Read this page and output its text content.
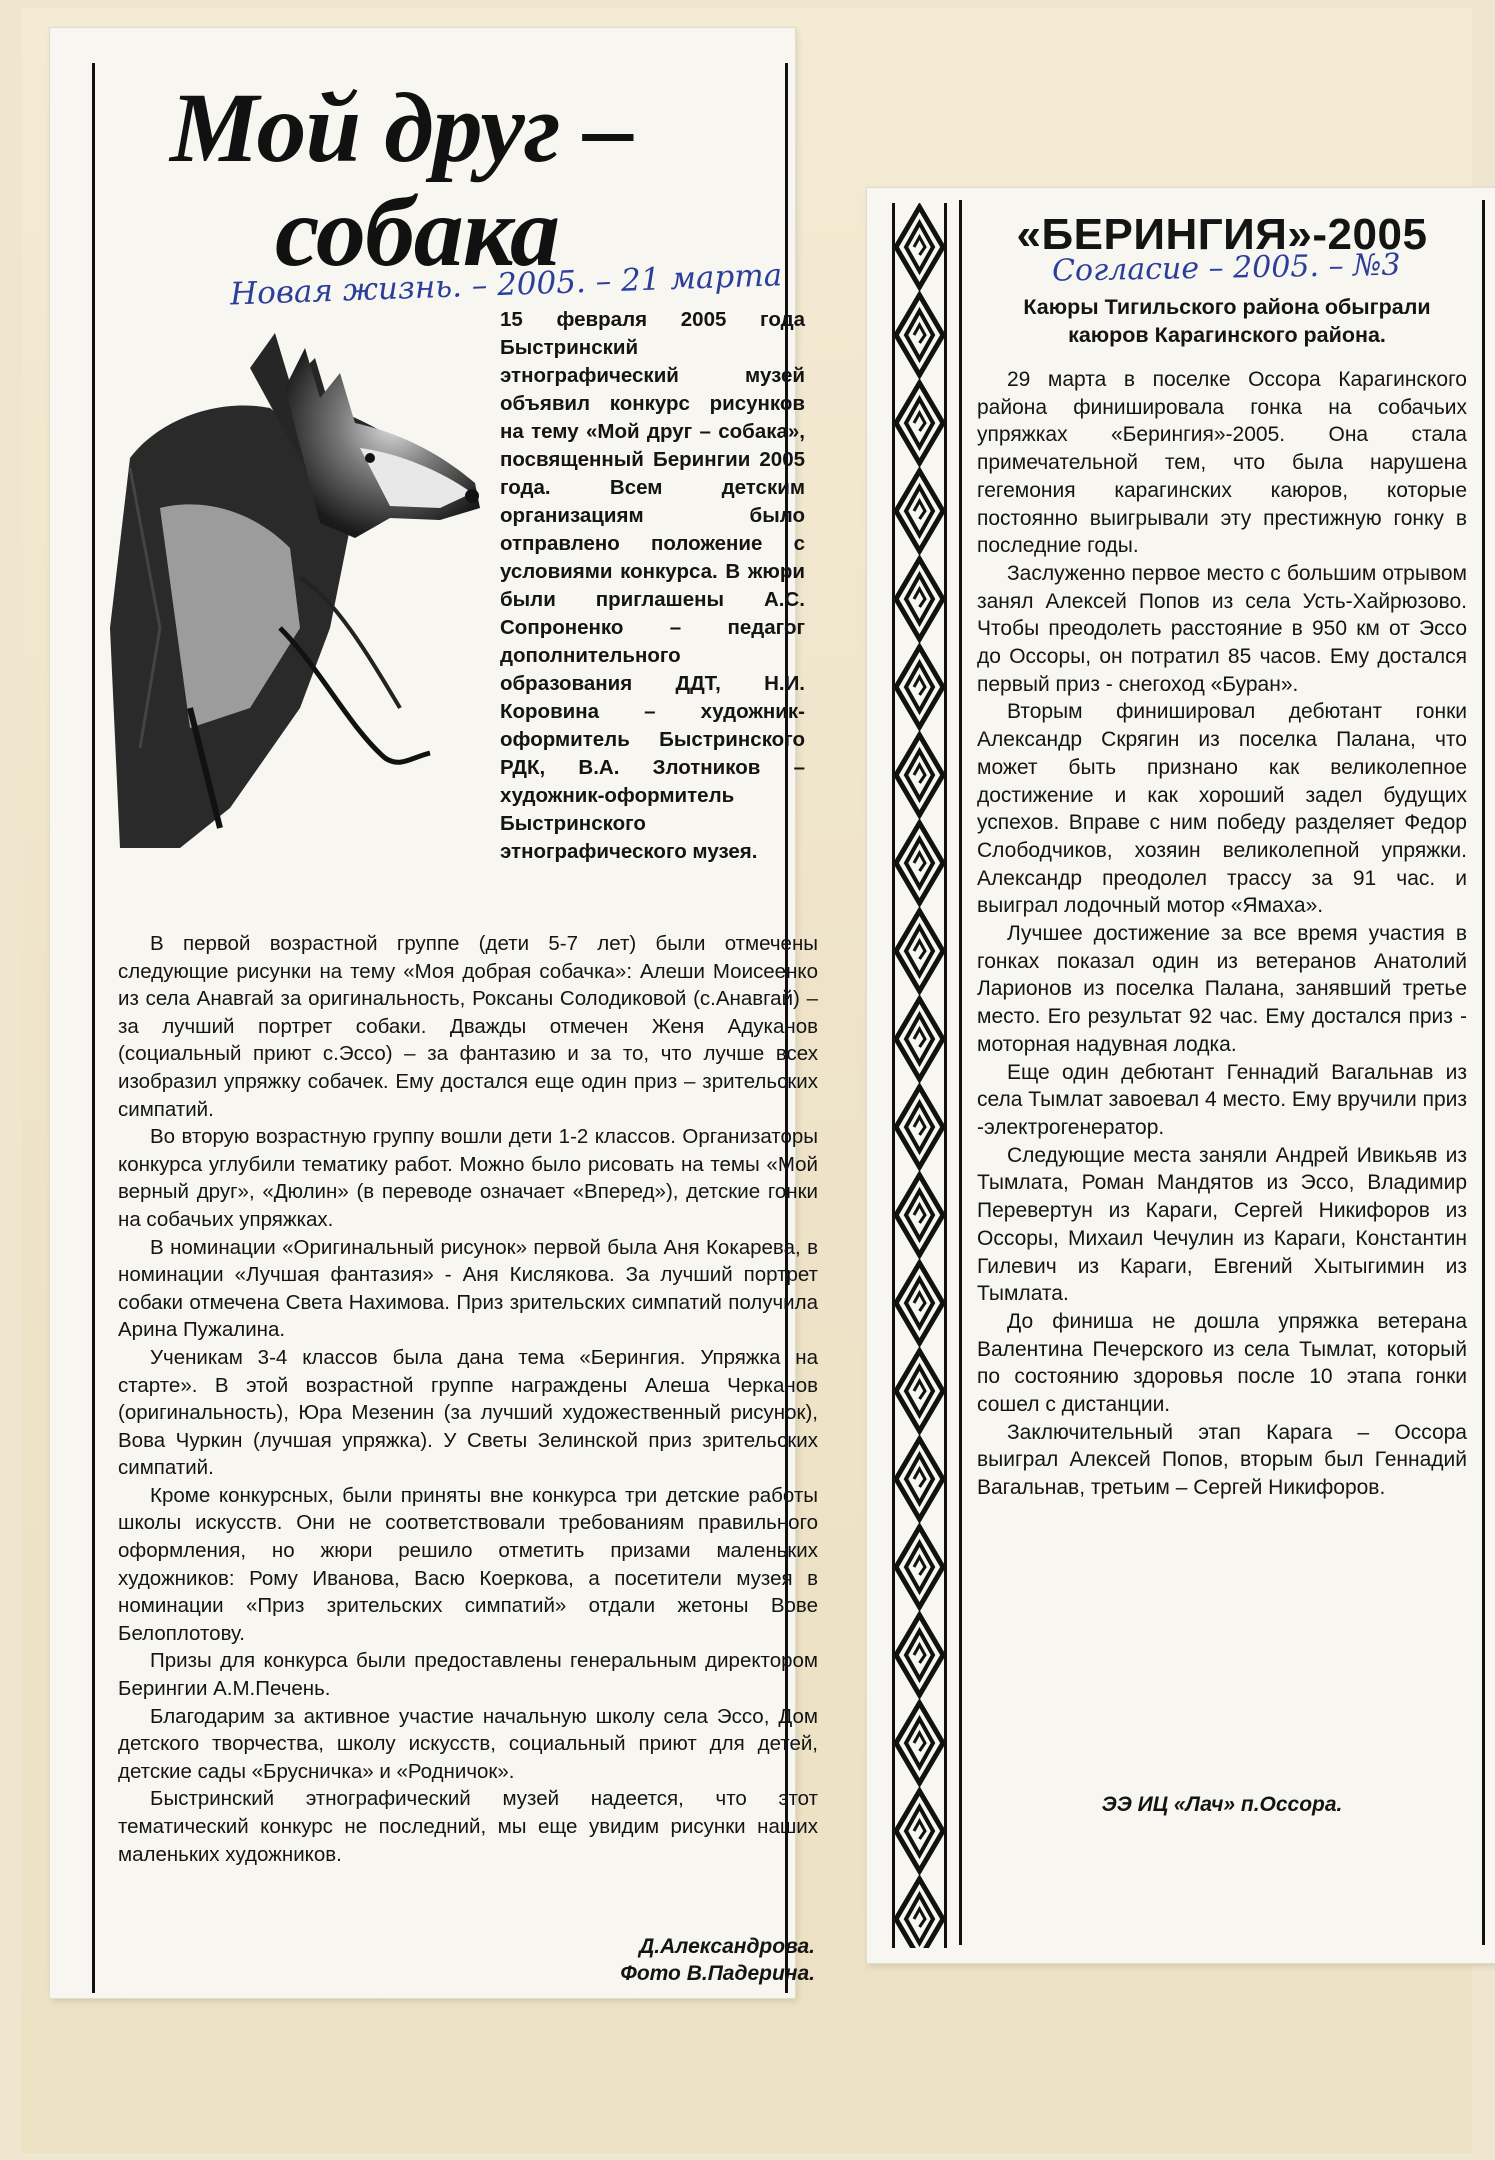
Мой друг –
собака
Новая жизнь. – 2005. – 21 марта
15 февраля 2005 года Быстринский этнографический музей объявил конкурс рисунков на тему «Мой друг – собака», посвященный Берингии 2005 года. Всем детским организациям было отправлено положение с условиями конкурса. В жюри были приглашены А.С. Сопроненко – педагог дополнительного образования ДДТ, Н.И. Коровина – художник-оформитель Быстринского РДК, В.А. Злотников – художник-оформитель Быстринского этнографического музея.

В первой возрастной группе (дети 5-7 лет) были отмечены следующие рисунки на тему «Моя добрая собачка»: Алеши Моисеенко из села Анавгай за оригинальность, Роксаны Солодиковой (с.Анавгай) – за лучший портрет собаки. Дважды отмечен Женя Адуканов (социальный приют с.Эссо) – за фантазию и за то, что лучше всех изобразил упряжку собачек. Ему достался еще один приз – зрительских симпатий.

Во вторую возрастную группу вошли дети 1-2 классов. Организаторы конкурса углубили тематику работ. Можно было рисовать на темы «Мой верный друг», «Дюлин» (в переводе означает «Вперед»), детские гонки на собачьих упряжках.

В номинации «Оригинальный рисунок» первой была Аня Кокарева, в номинации «Лучшая фантазия» - Аня Кислякова. За лучший портрет собаки отмечена Света Нахимова. Приз зрительских симпатий получила Арина Пужалина.

Ученикам 3-4 классов была дана тема «Берингия. Упряжка на старте». В этой возрастной группе награждены Алеша Черканов (оригинальность), Юра Мезенин (за лучший художественный рисунок), Вова Чуркин (лучшая упряжка). У Светы Зелинской приз зрительских симпатий.

Кроме конкурсных, были приняты вне конкурса три детские работы школы искусств. Они не соответствовали требованиям правильного оформления, но жюри решило отметить призами маленьких художников: Рому Иванова, Васю Коеркова, а посетители музея в номинации «Приз зрительских симпатий» отдали жетоны Вове Белоплотову.

Призы для конкурса были предоставлены генеральным директором Берингии А.М.Печень.

Благодарим за активное участие начальную школу села Эссо, Дом детского творчества, школу искусств, социальный приют для детей, детские сады «Брусничка» и «Родничок».

Быстринский этнографический музей надеется, что этот тематический конкурс не последний, мы еще увидим рисунки наших маленьких художников.

Д.Александрова.
Фото В.Падерина.
«БЕРИНГИЯ»-2005
Согласие – 2005. – №3
Каюры Тигильского района обыграли каюров Карагинского района.

29 марта в поселке Оссора Карагинского района финишировала гонка на собачьих упряжках «Берингия»-2005. Она стала примечательной тем, что была нарушена гегемония карагинских каюров, которые постоянно выигрывали эту престижную гонку в последние годы.

Заслуженно первое место с большим отрывом занял Алексей Попов из села Усть-Хайрюзово. Чтобы преодолеть расстояние в 950 км от Эссо до Оссоры, он потратил 85 часов. Ему достался первый приз - снегоход «Буран».

Вторым финишировал дебютант гонки Александр Скрягин из поселка Палана, что может быть признано как великолепное достижение и как хороший задел будущих успехов. Вправе с ним победу разделяет Федор Слободчиков, хозяин великолепной упряжки. Александр преодолел трассу за 91 час. и выиграл лодочный мотор «Ямаха».

Лучшее достижение за все время участия в гонках показал один из ветеранов Анатолий Ларионов из поселка Палана, занявший третье место. Его результат 92 час. Ему достался приз - моторная надувная лодка.

Еще один дебютант Геннадий Вагальнав из села Тымлат завоевал 4 место. Ему вручили приз -электрогенератор.

Следующие места заняли Андрей Ивикьяв из Тымлата, Роман Мандятов из Эссо, Владимир Перевертун из Караги, Сергей Никифоров из Оссоры, Михаил Чечулин из Караги, Константин Гилевич из Караги, Евгений Хытыгимин из Тымлата.

До финиша не дошла упряжка ветерана Валентина Печерского из села Тымлат, который по состоянию здоровья после 10 этапа гонки сошел с дистанции.

Заключительный этап Карага – Оссора выиграл Алексей Попов, вторым был Геннадий Вагальнав, третьим – Сергей Никифоров.

ЭЭ ИЦ «Лач» п.Оссора.
